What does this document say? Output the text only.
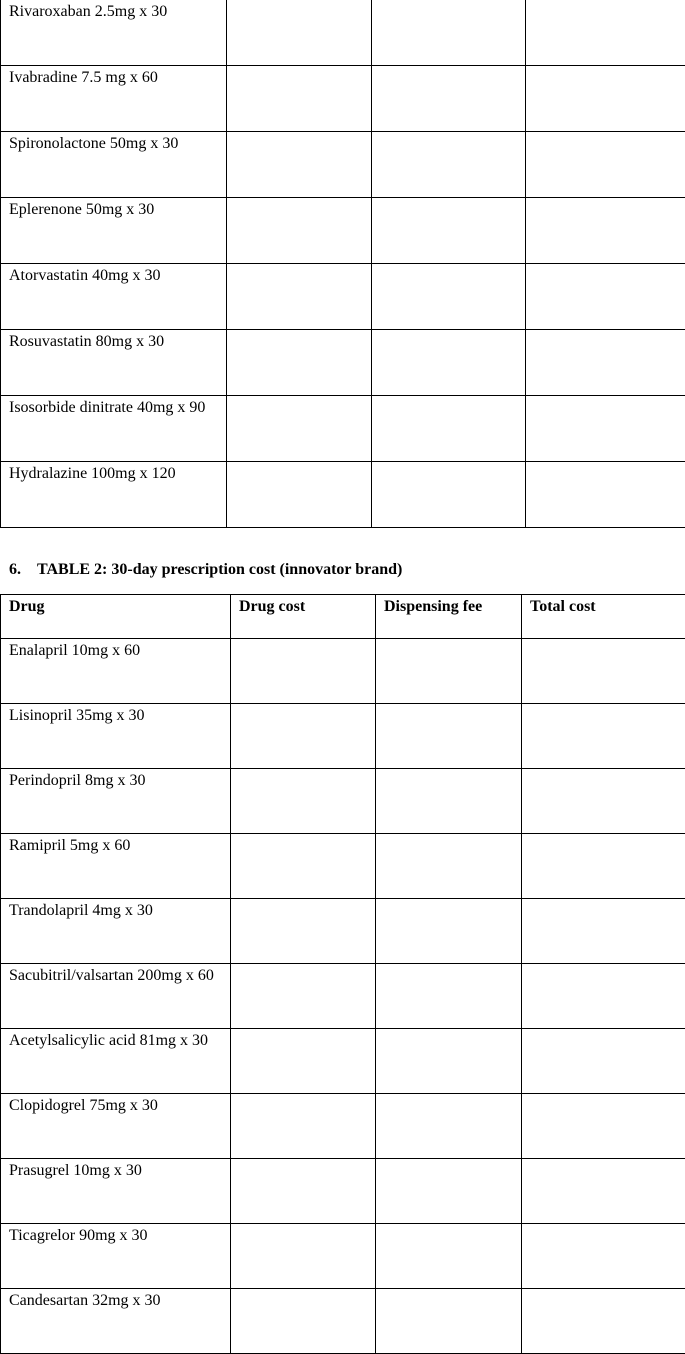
Rivaroxaban 2.5mg x 30			
Ivabradine 7.5 mg x 60			
Spironolactone 50mg x 30			
Eplerenone 50mg x 30			
Atorvastatin 40mg x 30			
Rosuvastatin 80mg x 30			
Isosorbide dinitrate 40mg x 90			
Hydralazine 100mg x 120			
6. TABLE 2: 30-day prescription cost (innovator brand)
Drug	Drug cost	Dispensing fee	Total cost
Enalapril 10mg x 60			
Lisinopril 35mg x 30			
Perindopril 8mg x 30			
Ramipril 5mg x 60			
Trandolapril 4mg x 30			
Sacubitril/valsartan 200mg x 60			
Acetylsalicylic acid 81mg x 30			
Clopidogrel 75mg x 30			
Prasugrel 10mg x 30			
Ticagrelor 90mg x 30			
Candesartan 32mg x 30			
